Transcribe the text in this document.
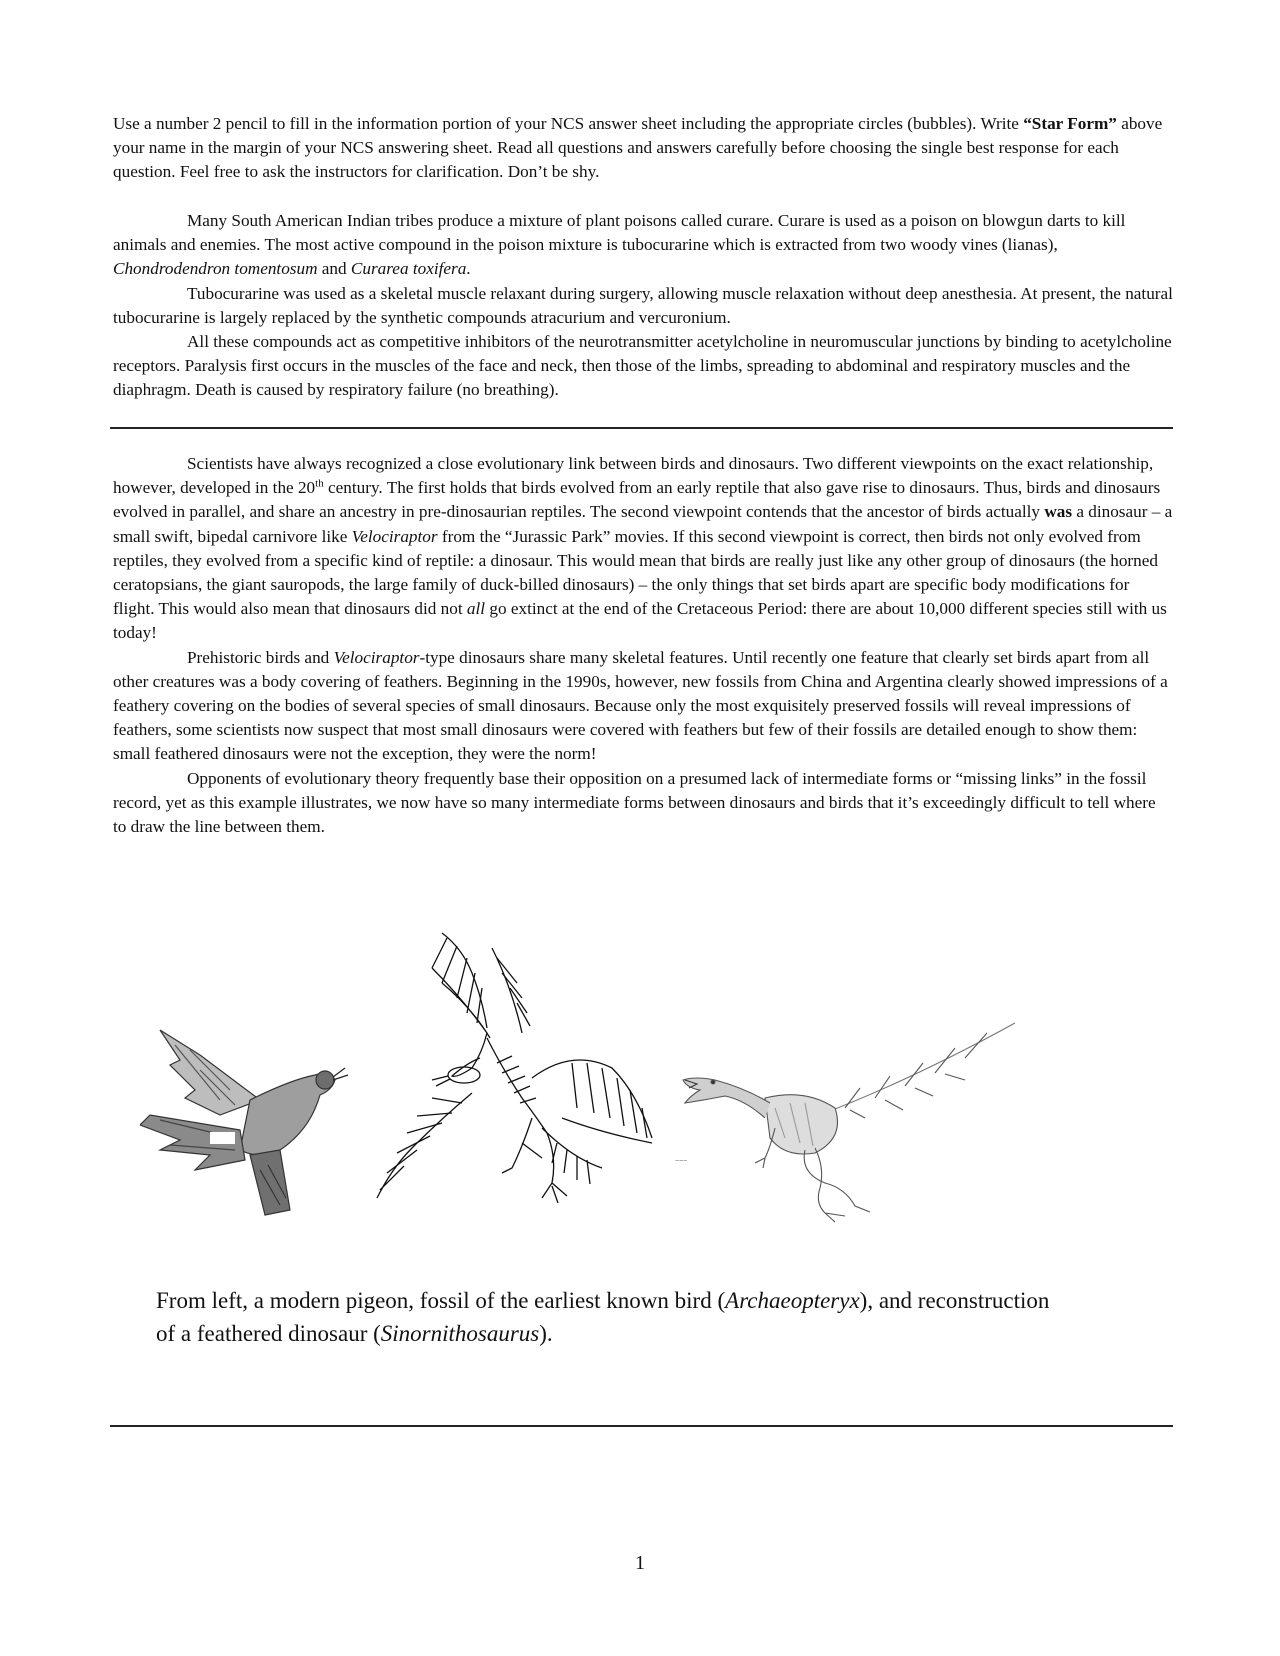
Use a number 2 pencil to fill in the information portion of your NCS answer sheet including the appropriate circles (bubbles). Write “Star Form” above your name in the margin of your NCS answering sheet. Read all questions and answers carefully before choosing the single best response for each question. Feel free to ask the instructors for clarification. Don’t be shy.

Many South American Indian tribes produce a mixture of plant poisons called curare. Curare is used as a poison on blowgun darts to kill animals and enemies. The most active compound in the poison mixture is tubocurarine which is extracted from two woody vines (lianas), Chondrodendron tomentosum and Curarea toxifera.

Tubocurarine was used as a skeletal muscle relaxant during surgery, allowing muscle relaxation without deep anesthesia. At present, the natural tubocurarine is largely replaced by the synthetic compounds atracurium and vercuronium.

All these compounds act as competitive inhibitors of the neurotransmitter acetylcholine in neuromuscular junctions by binding to acetylcholine receptors. Paralysis first occurs in the muscles of the face and neck, then those of the limbs, spreading to abdominal and respiratory muscles and the diaphragm. Death is caused by respiratory failure (no breathing).

Scientists have always recognized a close evolutionary link between birds and dinosaurs. Two different viewpoints on the exact relationship, however, developed in the 20th century. The first holds that birds evolved from an early reptile that also gave rise to dinosaurs. Thus, birds and dinosaurs evolved in parallel, and share an ancestry in pre-dinosaurian reptiles. The second viewpoint contends that the ancestor of birds actually was a dinosaur – a small swift, bipedal carnivore like Velociraptor from the “Jurassic Park” movies. If this second viewpoint is correct, then birds not only evolved from reptiles, they evolved from a specific kind of reptile: a dinosaur. This would mean that birds are really just like any other group of dinosaurs (the horned ceratopsians, the giant sauropods, the large family of duck-billed dinosaurs) – the only things that set birds apart are specific body modifications for flight. This would also mean that dinosaurs did not all go extinct at the end of the Cretaceous Period: there are about 10,000 different species still with us today!

Prehistoric birds and Velociraptor-type dinosaurs share many skeletal features. Until recently one feature that clearly set birds apart from all other creatures was a body covering of feathers. Beginning in the 1990s, however, new fossils from China and Argentina clearly showed impressions of a feathery covering on the bodies of several species of small dinosaurs. Because only the most exquisitely preserved fossils will reveal impressions of feathers, some scientists now suspect that most small dinosaurs were covered with feathers but few of their fossils are detailed enough to show them: small feathered dinosaurs were not the exception, they were the norm!

Opponents of evolutionary theory frequently base their opposition on a presumed lack of intermediate forms or “missing links” in the fossil record, yet as this example illustrates, we now have so many intermediate forms between dinosaurs and birds that it’s exceedingly difficult to tell where to draw the line between them.

~~~

From left, a modern pigeon, fossil of the earliest known bird (Archaeopteryx), and reconstruction of a feathered dinosaur (Sinornithosaurus).

1
